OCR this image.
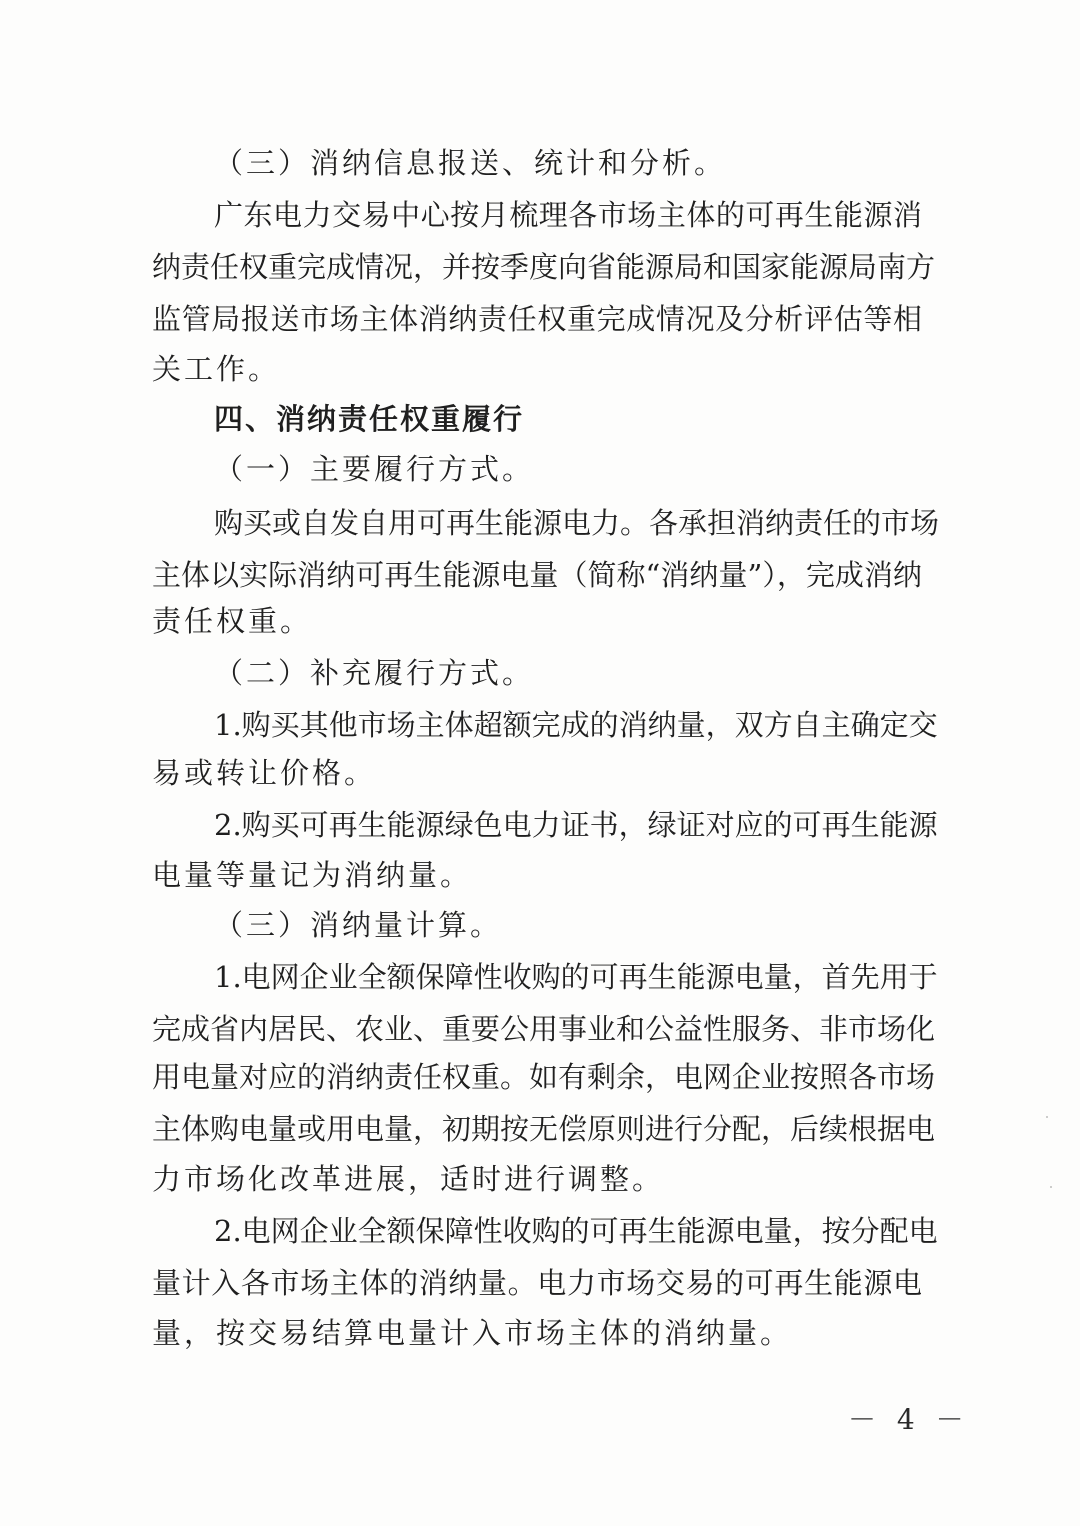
（三）消纳信息报送、统计和分析。
广东电力交易中心按月梳理各市场主体的可再生能源消
纳责任权重完成情况，并按季度向省能源局和国家能源局南方
监管局报送市场主体消纳责任权重完成情况及分析评估等相
关工作。
四、消纳责任权重履行
（一）主要履行方式。
购买或自发自用可再生能源电力。各承担消纳责任的市场
主体以实际消纳可再生能源电量（简称“消纳量”），完成消纳
责任权重。
（二）补充履行方式。
1.购买其他市场主体超额完成的消纳量，双方自主确定交
易或转让价格。
2.购买可再生能源绿色电力证书，绿证对应的可再生能源
电量等量记为消纳量。
（三）消纳量计算。
1.电网企业全额保障性收购的可再生能源电量，首先用于
完成省内居民、农业、重要公用事业和公益性服务、非市场化
用电量对应的消纳责任权重。如有剩余，电网企业按照各市场
主体购电量或用电量，初期按无偿原则进行分配，后续根据电
力市场化改革进展，适时进行调整。
2.电网企业全额保障性收购的可再生能源电量，按分配电
量计入各市场主体的消纳量。电力市场交易的可再生能源电
量，按交易结算电量计入市场主体的消纳量。
－ 4 －
